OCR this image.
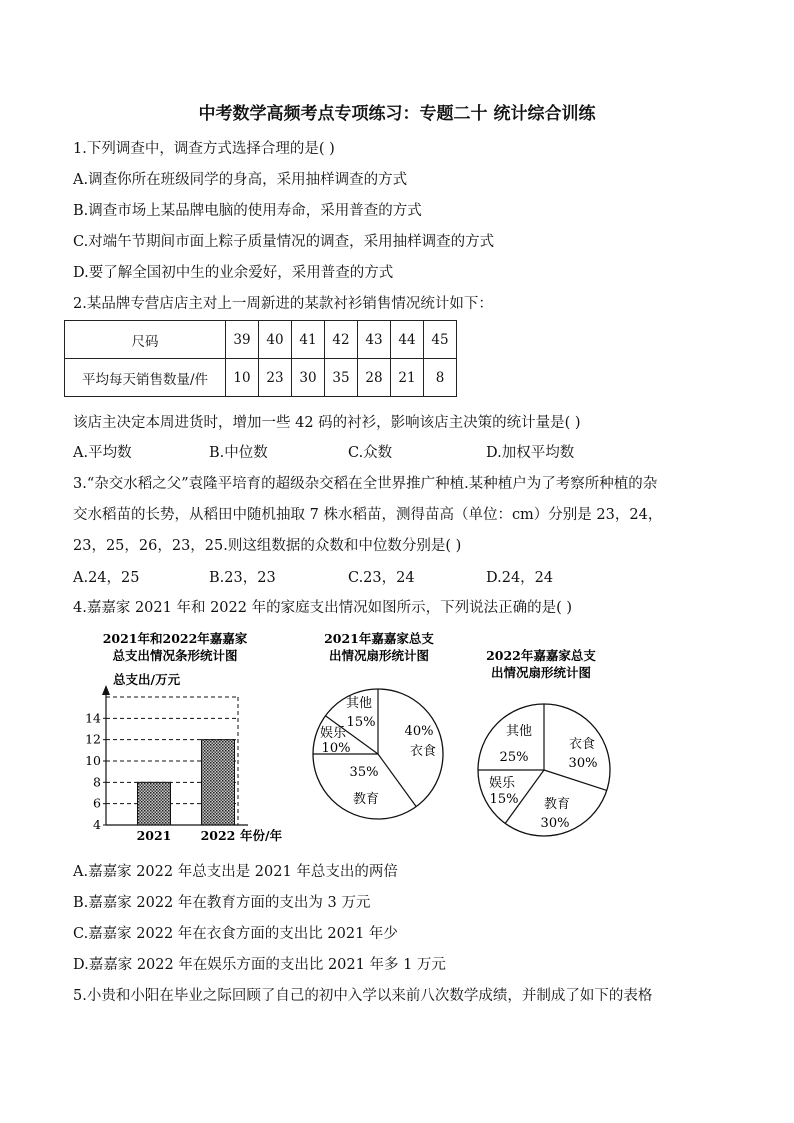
中考数学高频考点专项练习：专题二十 统计综合训练
1.下列调查中，调查方式选择合理的是( )
A.调查你所在班级同学的身高，采用抽样调查的方式
B.调查市场上某品牌电脑的使用寿命，采用普查的方式
C.对端午节期间市面上粽子质量情况的调查，采用抽样调查的方式
D.要了解全国初中生的业余爱好，采用普查的方式
2.某品牌专营店店主对上一周新进的某款衬衫销售情况统计如下：
尺码	39	40	41	42	43	44	45
平均每天销售数量/件	10	23	30	35	28	21	8
该店主决定本周进货时，增加一些 42 码的衬衫，影响该店主决策的统计量是( )
A.平均数	B.中位数	C.众数	D.加权平均数
3.“杂交水稻之父”袁隆平培育的超级杂交稻在全世界推广种植.某种植户为了考察所种植的杂
交水稻苗的长势，从稻田中随机抽取 7 株水稻苗，测得苗高（单位：cm）分别是 23，24，
23，25，26，23，25.则这组数据的众数和中位数分别是( )
A.24，25	B.23，23	C.23，24	D.24，24
4.嘉嘉家 2021 年和 2022 年的家庭支出情况如图所示，下列说法正确的是( )
2021年和2022年嘉嘉家
总支出情况条形统计图
总支出/万元
4
6
8
10
12
14
2021 2022 年份/年
2021年嘉嘉家总支
出情况扇形统计图
40%
衣食
35%
教育
娱乐
10%
其他
15%
2022年嘉嘉家总支
出情况扇形统计图
衣食
30%
教育
30%
娱乐
15%
其他
25%
A.嘉嘉家 2022 年总支出是 2021 年总支出的两倍
B.嘉嘉家 2022 年在教育方面的支出为 3 万元
C.嘉嘉家 2022 年在衣食方面的支出比 2021 年少
D.嘉嘉家 2022 年在娱乐方面的支出比 2021 年多 1 万元
5.小贵和小阳在毕业之际回顾了自己的初中入学以来前八次数学成绩，并制成了如下的表格
